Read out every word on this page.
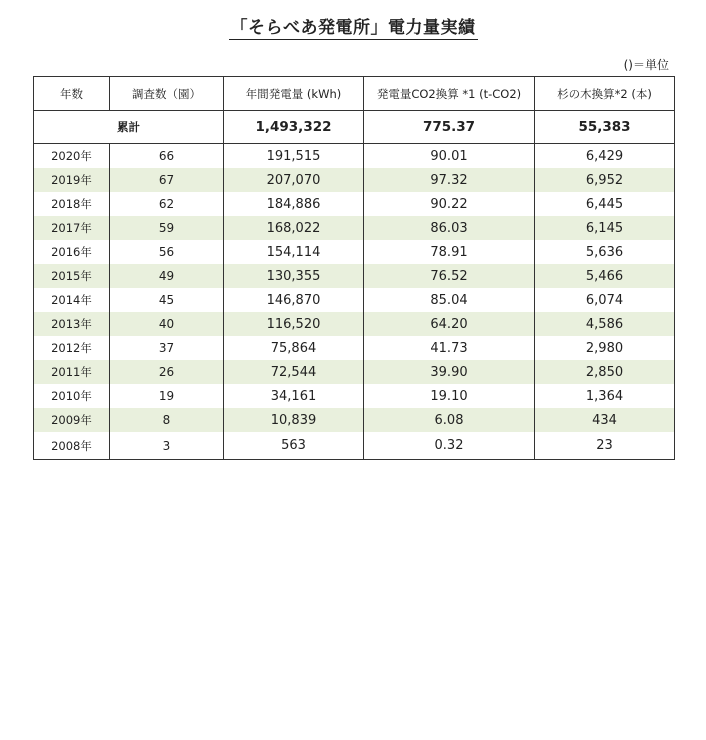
「そらべあ発電所」電力量実績
()＝単位
年数	調査数（園）	年間発電量 (kWh)	発電量CO2換算 *1 (t-CO2)	杉の木換算*2 (本)
累計		1,493,322	775.37	55,383
2020年	66	191,515	90.01	6,429
2019年	67	207,070	97.32	6,952
2018年	62	184,886	90.22	6,445
2017年	59	168,022	86.03	6,145
2016年	56	154,114	78.91	5,636
2015年	49	130,355	76.52	5,466
2014年	45	146,870	85.04	6,074
2013年	40	116,520	64.20	4,586
2012年	37	75,864	41.73	2,980
2011年	26	72,544	39.90	2,850
2010年	19	34,161	19.10	1,364
2009年	8	10,839	6.08	434
2008年	3	563	0.32	23
